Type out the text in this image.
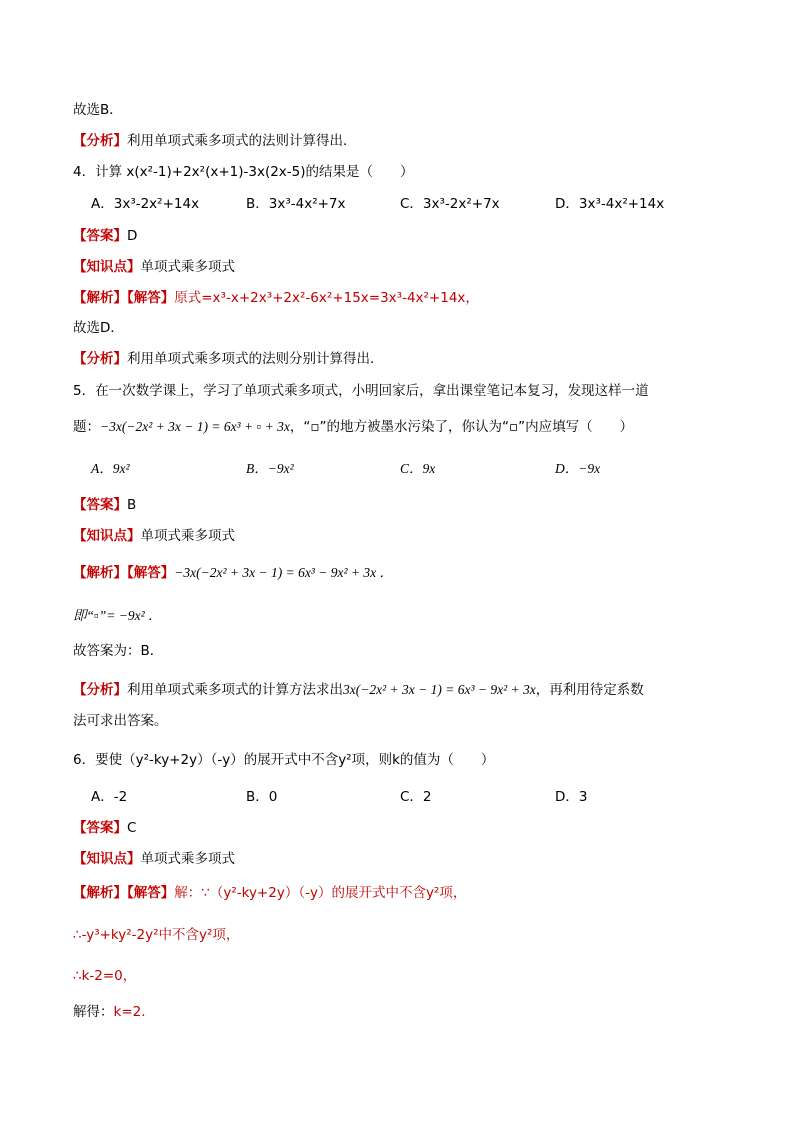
故选B．
【分析】利用单项式乘多项式的法则计算得出．
4．计算 x(x²-1)+2x²(x+1)-3x(2x-5)的结果是（　　）
A．3x³-2x²+14x	B．3x³-4x²+7x	C．3x³-2x²+7x	D．3x³-4x²+14x
【答案】D
【知识点】单项式乘多项式
【解析】【解答】原式=x³-x+2x³+2x²-6x²+15x=3x³-4x²+14x，
故选D．
【分析】利用单项式乘多项式的法则分别计算得出．
5．在一次数学课上，学习了单项式乘多项式，小明回家后，拿出课堂笔记本复习，发现这样一道
题：−3x(−2x² + 3x − 1) = 6x³ + ▫ + 3x，“▫”的地方被墨水污染了，你认为“▫”内应填写（　　）
A．9x²	B．−9x²	C．9x	D．−9x
【答案】B
【知识点】单项式乘多项式
【解析】【解答】−3x(−2x² + 3x − 1) = 6x³ − 9x² + 3x ．
即“▫”= −9x² ．
故答案为：B．
【分析】利用单项式乘多项式的计算方法求出3x(−2x² + 3x − 1) = 6x³ − 9x² + 3x，再利用待定系数
法可求出答案。
6．要使（y²-ky+2y）（-y）的展开式中不含y²项，则k的值为（　　）
A．-2	B．0	C．2	D．3
【答案】C
【知识点】单项式乘多项式
【解析】【解答】解：∵（y²-ky+2y）（-y）的展开式中不含y²项，
∴-y³+ky²-2y²中不含y²项，
∴k-2=0，
解得：k=2．
